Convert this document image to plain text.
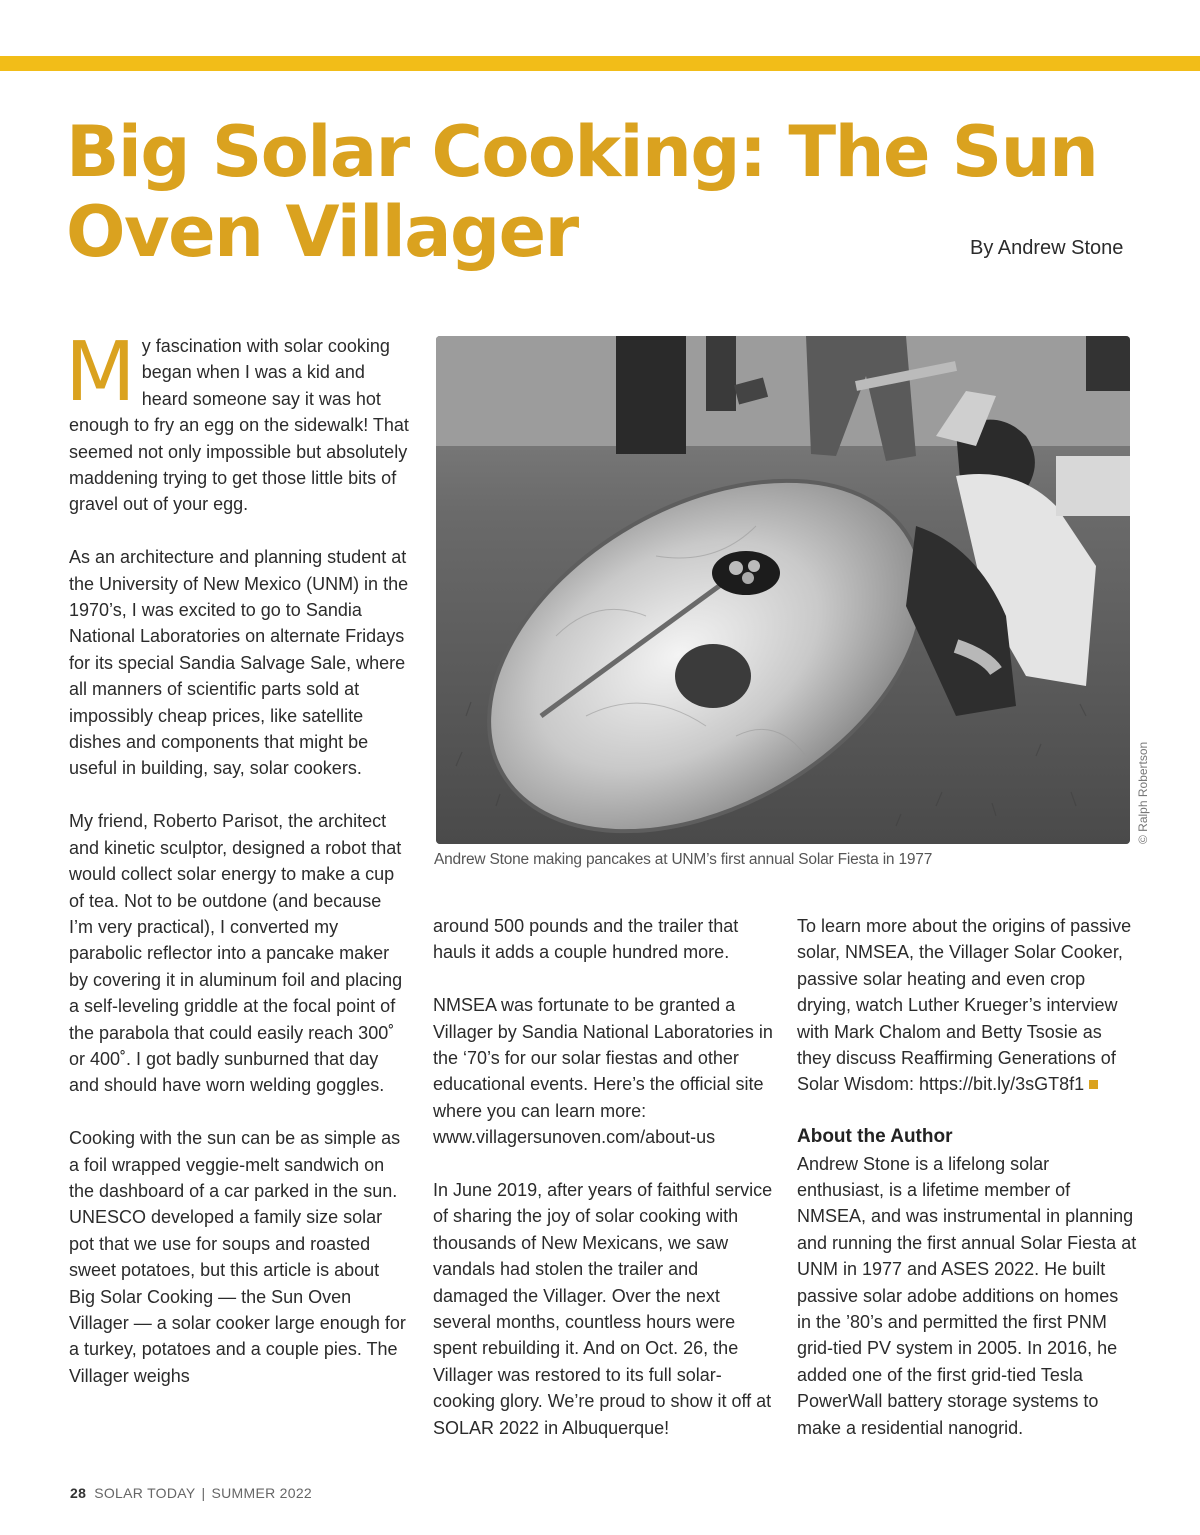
Big Solar Cooking: The Sun Oven Villager	By Andrew Stone

My fascination with solar cooking began when I was a kid and heard someone say it was hot enough to fry an egg on the sidewalk! That seemed not only impossible but absolutely maddening trying to get those little bits of gravel out of your egg.

As an architecture and planning student at the University of New Mexico (UNM) in the 1970’s, I was excited to go to Sandia National Laboratories on alternate Fridays for its special Sandia Salvage Sale, where all manners of scientific parts sold at impossibly cheap prices, like satellite dishes and components that might be useful in building, say, solar cookers.

My friend, Roberto Parisot, the architect and kinetic sculptor, designed a robot that would collect solar energy to make a cup of tea. Not to be outdone (and because I’m very practical), I converted my parabolic reflector into a pancake maker by covering it in aluminum foil and placing a self-leveling griddle at the focal point of the parabola that could easily reach 300˚ or 400˚. I got badly sunburned that day and should have worn welding goggles.

Cooking with the sun can be as simple as a foil wrapped veggie-melt sandwich on the dashboard of a car parked in the sun. UNESCO developed a family size solar pot that we use for soups and roasted sweet potatoes, but this article is about Big Solar Cooking — the Sun Oven Villager — a solar cooker large enough for a turkey, potatoes and a couple pies. The Villager weighs

Andrew Stone making pancakes at UNM’s first annual Solar Fiesta in 1977
© Ralph Robertson

around 500 pounds and the trailer that hauls it adds a couple hundred more.

NMSEA was fortunate to be granted a Villager by Sandia National Laboratories in the ‘70’s for our solar fiestas and other educational events. Here’s the official site where you can learn more: www.villagersunoven.com/about-us

In June 2019, after years of faithful service of sharing the joy of solar cooking with thousands of New Mexicans, we saw vandals had stolen the trailer and damaged the Villager. Over the next several months, countless hours were spent rebuilding it. And on Oct. 26, the Villager was restored to its full solar-cooking glory. We’re proud to show it off at SOLAR 2022 in Albuquerque!

To learn more about the origins of passive solar, NMSEA, the Villager Solar Cooker, passive solar heating and even crop drying, watch Luther Krueger’s interview with Mark Chalom and Betty Tsosie as they discuss Reaffirming Generations of Solar Wisdom: https://bit.ly/3sGT8f1

About the Author

Andrew Stone is a lifelong solar enthusiast, is a lifetime member of NMSEA, and was instrumental in planning and running the first annual Solar Fiesta at UNM in 1977 and ASES 2022. He built passive solar adobe additions on homes in the ’80’s and permitted the first PNM grid-tied PV system in 2005. In 2016, he added one of the first grid-tied Tesla PowerWall battery storage systems to make a residential nanogrid.

28 SOLAR TODAY | SUMMER 2022
